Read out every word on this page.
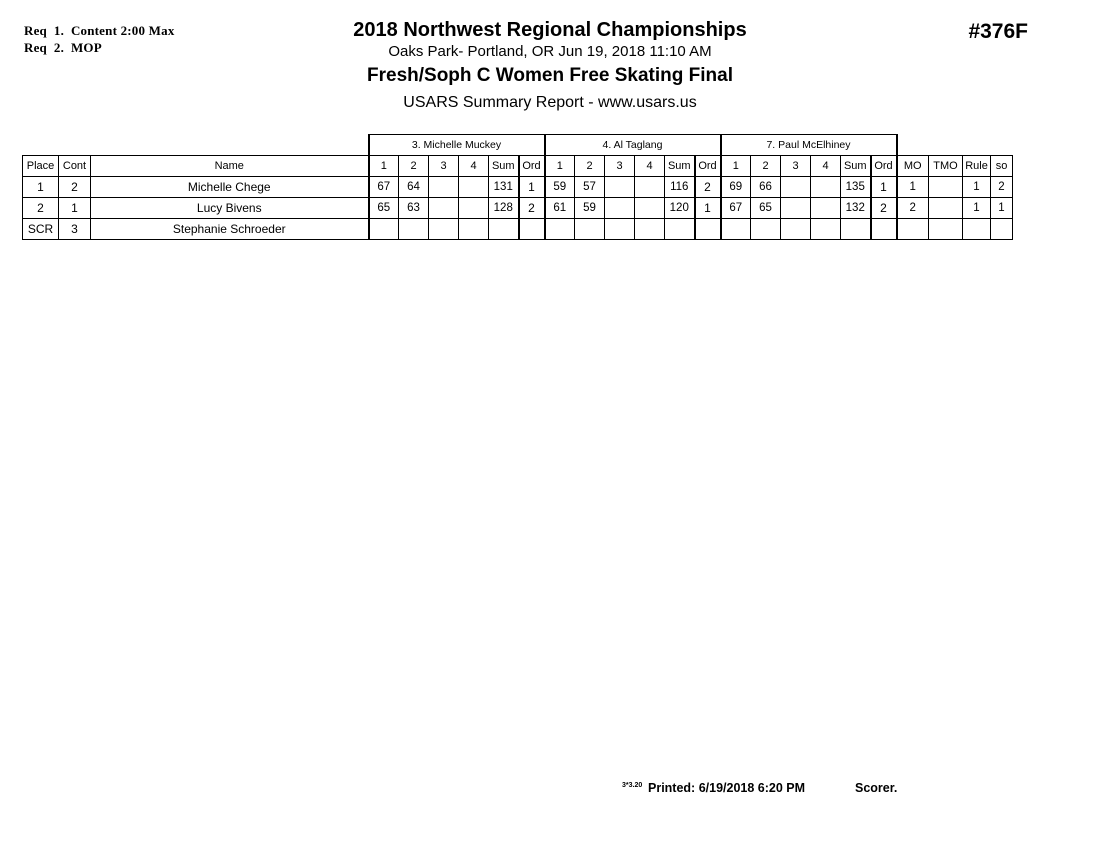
Req  1.  Content 2:00 Max
Req  2.  MOP
2018 Northwest Regional Championships
Oaks Park- Portland, OR Jun 19, 2018 11:10 AM
Fresh/Soph C Women Free Skating Final
USARS Summary Report - www.usars.us
#376F
			3. Michelle Muckey						4. Al Taglang						7. Paul McElhiney									
Place	Cont	Name	1	2	3	4	Sum	Ord	1	2	3	4	Sum	Ord	1	2	3	4	Sum	Ord	MO	TMO	Rule	so
1	2	Michelle Chege	67	64			131	1	59	57			116	2	69	66			135	1	1		1	2
2	1	Lucy Bivens	65	63			128	2	61	59			120	1	67	65			132	2	2		1	1
SCR	3	Stephanie Schroeder																						
3*3.20 Printed: 6/19/2018 6:20 PM	Scorer.
